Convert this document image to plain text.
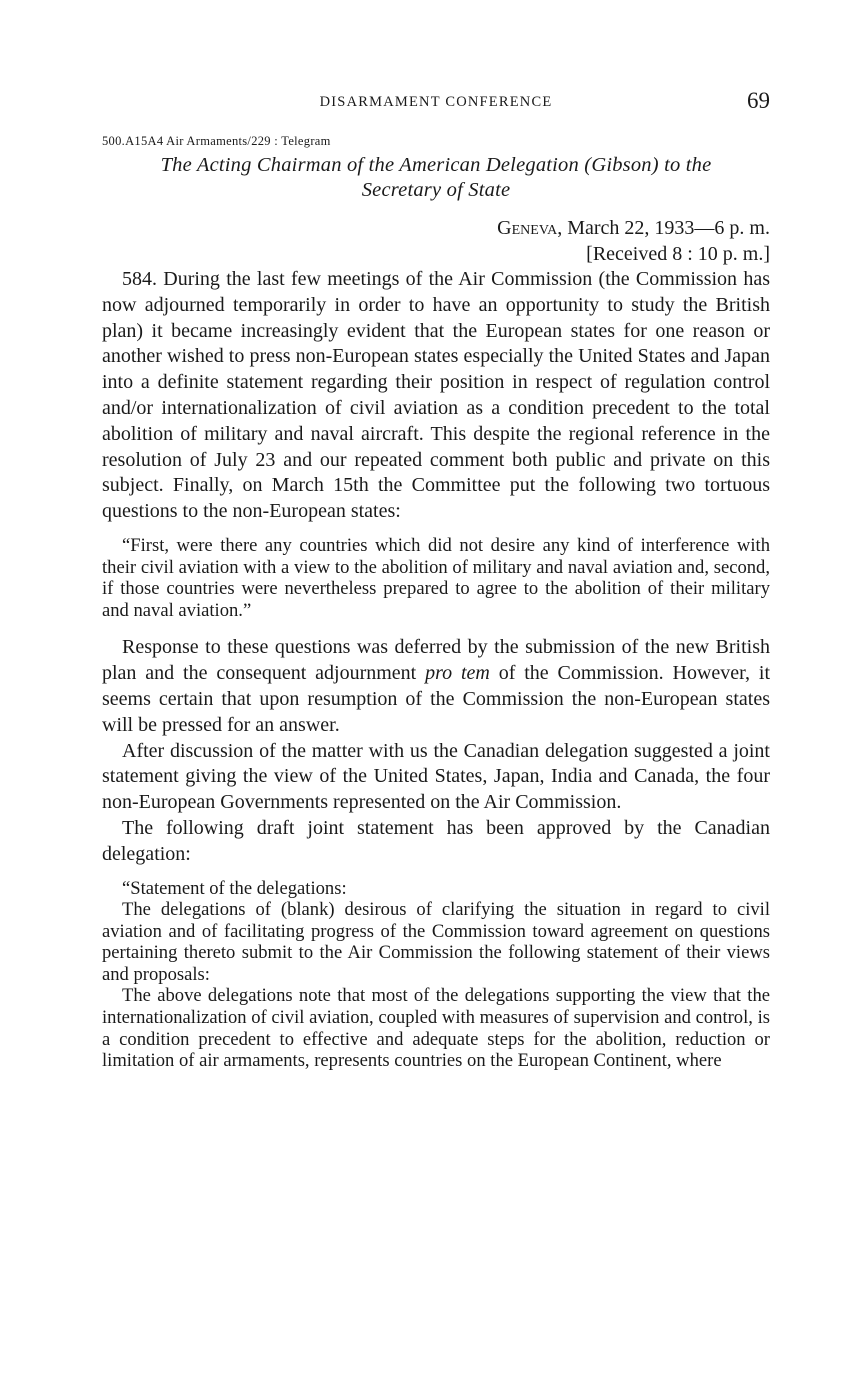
DISARMAMENT CONFERENCE	69
500.A15A4 Air Armaments/229 : Telegram
The Acting Chairman of the American Delegation (Gibson) to the
Secretary of State
Geneva, March 22, 1933—6 p. m.
[Received 8 : 10 p. m.]

584. During the last few meetings of the Air Commission (the Commission has now adjourned temporarily in order to have an opportunity to study the British plan) it became increasingly evident that the European states for one reason or another wished to press non-European states especially the United States and Japan into a definite statement regarding their position in respect of regulation control and/or internationalization of civil aviation as a condition precedent to the total abolition of military and naval aircraft. This despite the regional reference in the resolution of July 23 and our repeated comment both public and private on this subject. Finally, on March 15th the Committee put the following two tortuous questions to the non-European states:

“First, were there any countries which did not desire any kind of interference with their civil aviation with a view to the abolition of military and naval aviation and, second, if those countries were nevertheless prepared to agree to the abolition of their military and naval aviation.”

Response to these questions was deferred by the submission of the new British plan and the consequent adjournment pro tem of the Commission. However, it seems certain that upon resumption of the Commission the non-European states will be pressed for an answer.

After discussion of the matter with us the Canadian delegation suggested a joint statement giving the view of the United States, Japan, India and Canada, the four non-European Governments represented on the Air Commission.

The following draft joint statement has been approved by the Canadian delegation:

“Statement of the delegations:

The delegations of (blank) desirous of clarifying the situation in regard to civil aviation and of facilitating progress of the Commission toward agreement on questions pertaining thereto submit to the Air Commission the following statement of their views and proposals:

The above delegations note that most of the delegations supporting the view that the internationalization of civil aviation, coupled with measures of supervision and control, is a condition precedent to effective and adequate steps for the abolition, reduction or limitation of air armaments, represents countries on the European Continent, where
